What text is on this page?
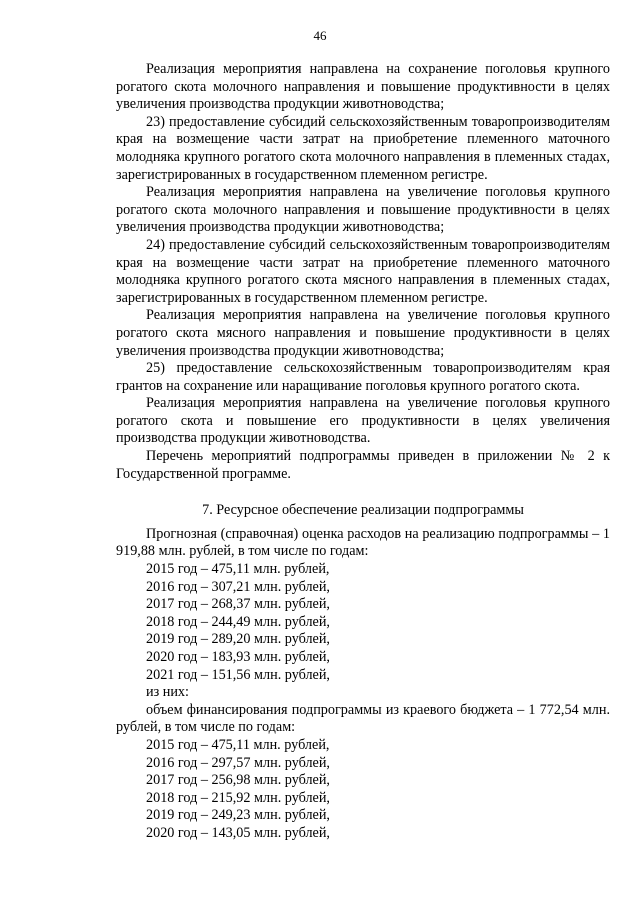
46

Реализация мероприятия направлена на сохранение поголовья крупного рогатого скота молочного направления и повышение продуктивности в целях увеличения производства продукции животноводства;

23) предоставление субсидий сельскохозяйственным товаропроизводителям края на возмещение части затрат на приобретение племенного маточного молодняка крупного рогатого скота молочного направления в племенных стадах, зарегистрированных в государственном племенном регистре.

Реализация мероприятия направлена на увеличение поголовья крупного рогатого скота молочного направления и повышение продуктивности в целях увеличения производства продукции животноводства;

24) предоставление субсидий сельскохозяйственным товаропроизводителям края на возмещение части затрат на приобретение племенного маточного молодняка крупного рогатого скота мясного направления в племенных стадах, зарегистрированных в государственном племенном регистре.

Реализация мероприятия направлена на увеличение поголовья крупного рогатого скота мясного направления и повышение продуктивности в целях увеличения производства продукции животноводства;

25) предоставление сельскохозяйственным товаропроизводителям края грантов на сохранение или наращивание поголовья крупного рогатого скота.

Реализация мероприятия направлена на увеличение поголовья крупного рогатого скота и повышение его продуктивности в целях увеличения производства продукции животноводства.

Перечень мероприятий подпрограммы приведен в приложении № 2 к Государственной программе.

7. Ресурсное обеспечение реализации подпрограммы

Прогнозная (справочная) оценка расходов на реализацию подпрограммы – 1 919,88 млн. рублей, в том числе по годам:

2015 год – 475,11 млн. рублей,

2016 год – 307,21 млн. рублей,

2017 год – 268,37 млн. рублей,

2018 год – 244,49 млн. рублей,

2019 год – 289,20 млн. рублей,

2020 год – 183,93 млн. рублей,

2021 год – 151,56 млн. рублей,

из них:

объем финансирования подпрограммы из краевого бюджета – 1 772,54 млн. рублей, в том числе по годам:

2015 год – 475,11 млн. рублей,

2016 год – 297,57 млн. рублей,

2017 год – 256,98 млн. рублей,

2018 год – 215,92 млн. рублей,

2019 год – 249,23 млн. рублей,

2020 год – 143,05 млн. рублей,
